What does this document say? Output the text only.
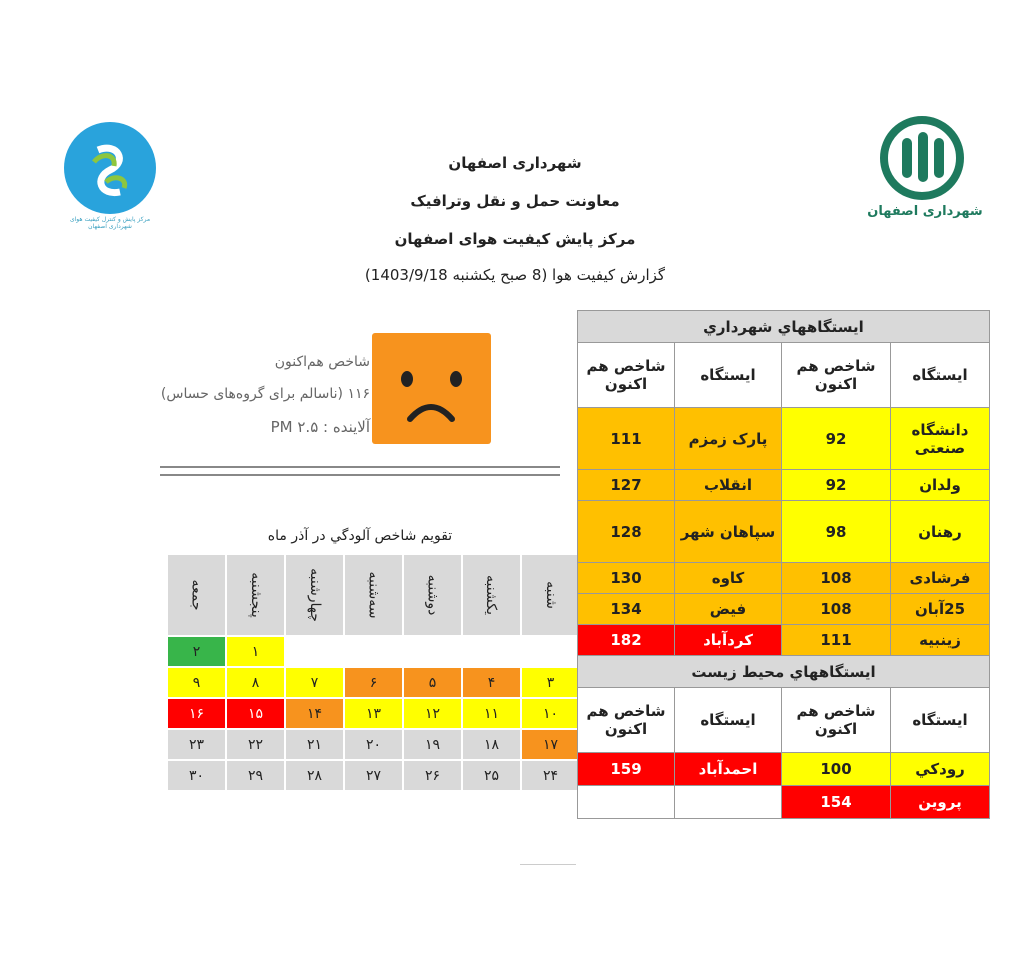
شهرداری اصفهان
معاونت حمل و نقل وترافیک
مرکز پایش کیفیت هوای اصفهان
گزارش کیفیت هوا (8 صبح یکشنبه 1403/9/18)
مرکز پایش و کنترل کیفیت هوای شهرداری اصفهان
شهرداری اصفهان
شاخص هم‌اکنون
۱۱۶ (ناسالم برای گروه‌های حساس)
آلاینده : PM ۲.۵
تقویم شاخص آلودگي در آذر ماه
جمعه	پنجشنبه	چهارشنبه	سه‌شنبه	دوشنبه	یکشنبه	شنبه
۲	۱					
۹	۸	۷	۶	۵	۴	۳
۱۶	۱۵	۱۴	۱۳	۱۲	۱۱	۱۰
۲۳	۲۲	۲۱	۲۰	۱۹	۱۸	۱۷
۳۰	۲۹	۲۸	۲۷	۲۶	۲۵	۲۴
ایستگاههاي شهرداري			
ایستگاه	شاخص هم اکنون	ایستگاه	شاخص هم اکنون
دانشگاه صنعتی	92	پارک زمزم	111
ولدان	92	انقلاب	127
رهنان	98	سپاهان شهر	128
فرشادی	108	کاوه	130
25آبان	108	فیض	134
زینبیه	111	کردآباد	182
ایستگاههاي محیط زیست			
ایستگاه	شاخص هم اکنون	ایستگاه	شاخص هم اکنون
رودکي	100	احمدآباد	159
پروین	154		
